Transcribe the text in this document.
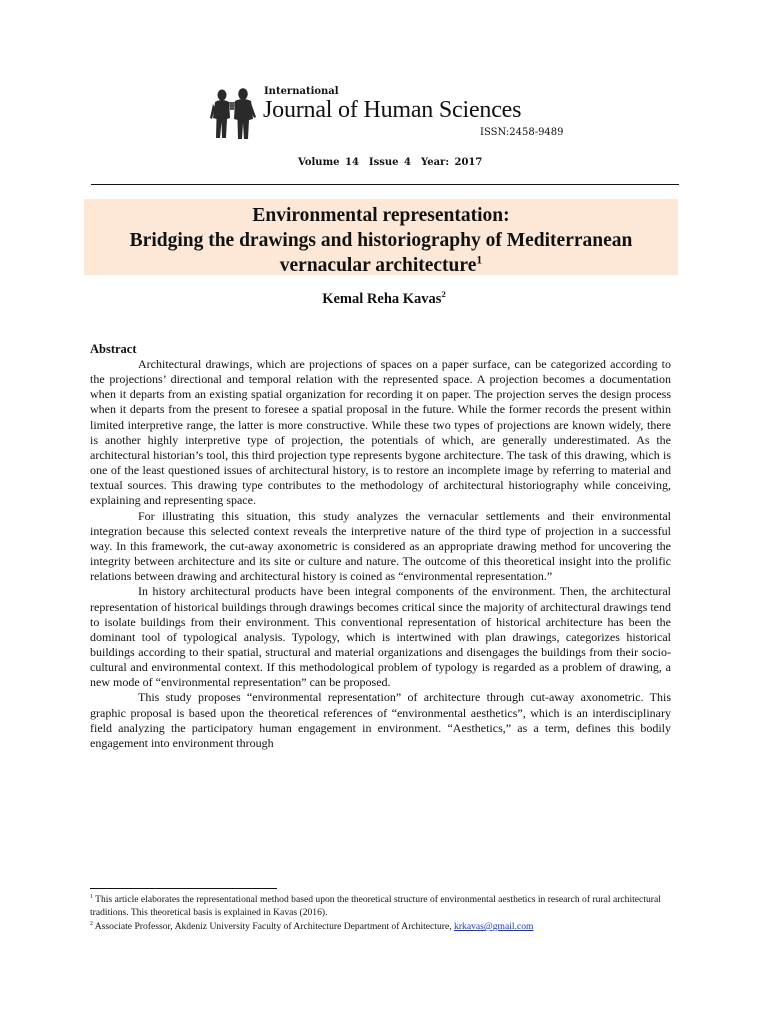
International
Journal of Human Sciences
ISSN:2458-9489
Volume 14 Issue 4 Year: 2017
Environmental representation:
Bridging the drawings and historiography of Mediterranean
vernacular architecture$^1$
Kemal Reha Kavas$^2$
Abstract

Architectural drawings, which are projections of spaces on a paper surface, can be categorized according to the projections’ directional and temporal relation with the represented space. A projection becomes a documentation when it departs from an existing spatial organization for recording it on paper. The projection serves the design process when it departs from the present to foresee a spatial proposal in the future. While the former records the present within limited interpretive range, the latter is more constructive. While these two types of projections are known widely, there is another highly interpretive type of projection, the potentials of which, are generally underestimated. As the architectural historian’s tool, this third projection type represents bygone architecture. The task of this drawing, which is one of the least questioned issues of architectural history, is to restore an incomplete image by referring to material and textual sources. This drawing type contributes to the methodology of architectural historiography while conceiving, explaining and representing space.

For illustrating this situation, this study analyzes the vernacular settlements and their environmental integration because this selected context reveals the interpretive nature of the third type of projection in a successful way. In this framework, the cut-away axonometric is considered as an appropriate drawing method for uncovering the integrity between architecture and its site or culture and nature. The outcome of this theoretical insight into the prolific relations between drawing and architectural history is coined as “environmental representation.”

In history architectural products have been integral components of the environment. Then, the architectural representation of historical buildings through drawings becomes critical since the majority of architectural drawings tend to isolate buildings from their environment. This conventional representation of historical architecture has been the dominant tool of typological analysis. Typology, which is intertwined with plan drawings, categorizes historical buildings according to their spatial, structural and material organizations and disengages the buildings from their socio-cultural and environmental context. If this methodological problem of typology is regarded as a problem of drawing, a new mode of “environmental representation” can be proposed.

This study proposes “environmental representation” of architecture through cut-away axonometric. This graphic proposal is based upon the theoretical references of “environmental aesthetics”, which is an interdisciplinary field analyzing the participatory human engagement in environment. “Aesthetics,” as a term, defines this bodily engagement into environment through

$^1$ This article elaborates the representational method based upon the theoretical structure of environmental aesthetics in research of rural architectural traditions. This theoretical basis is explained in Kavas (2016).
$^2$ Associate Professor, Akdeniz University Faculty of Architecture Department of Architecture, krkavas@gmail.com
